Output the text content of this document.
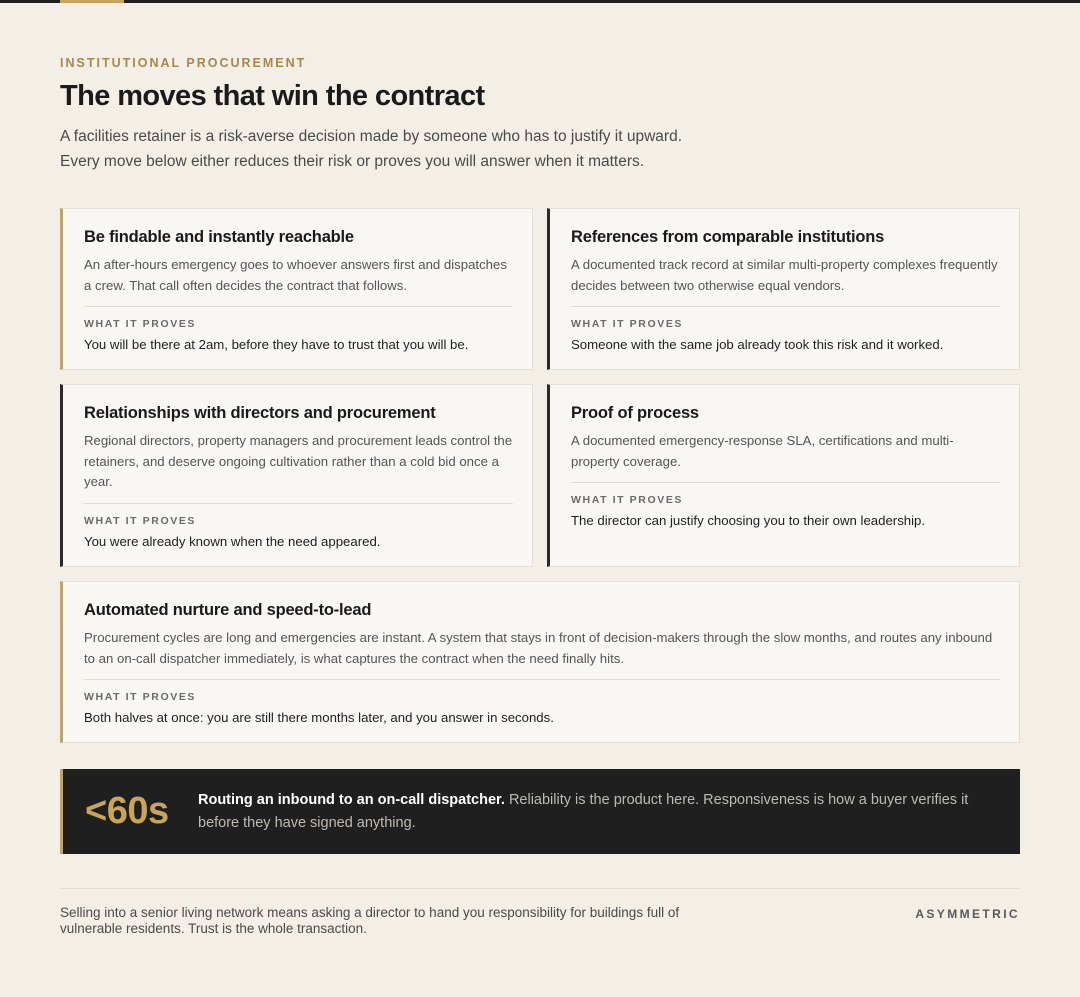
INSTITUTIONAL PROCUREMENT
The moves that win the contract
A facilities retainer is a risk-averse decision made by someone who has to justify it upward.
Every move below either reduces their risk or proves you will answer when it matters.
Be findable and instantly reachable
An after-hours emergency goes to whoever answers first and dispatches a crew. That call often decides the contract that follows.
WHAT IT PROVES
You will be there at 2am, before they have to trust that you will be.
References from comparable institutions
A documented track record at similar multi-property complexes frequently decides between two otherwise equal vendors.
WHAT IT PROVES
Someone with the same job already took this risk and it worked.
Relationships with directors and procurement
Regional directors, property managers and procurement leads control the retainers, and deserve ongoing cultivation rather than a cold bid once a year.
WHAT IT PROVES
You were already known when the need appeared.
Proof of process
A documented emergency-response SLA, certifications and multi-property coverage.
WHAT IT PROVES
The director can justify choosing you to their own leadership.
Automated nurture and speed-to-lead
Procurement cycles are long and emergencies are instant. A system that stays in front of decision-makers through the slow months, and routes any inbound to an on-call dispatcher immediately, is what captures the contract when the need finally hits.
WHAT IT PROVES
Both halves at once: you are still there months later, and you answer in seconds.
<60s Routing an inbound to an on-call dispatcher. Reliability is the product here. Responsiveness is how a buyer verifies it before they have signed anything.
Selling into a senior living network means asking a director to hand you responsibility for buildings full of vulnerable residents. Trust is the whole transaction.
ASYMMETRIC
